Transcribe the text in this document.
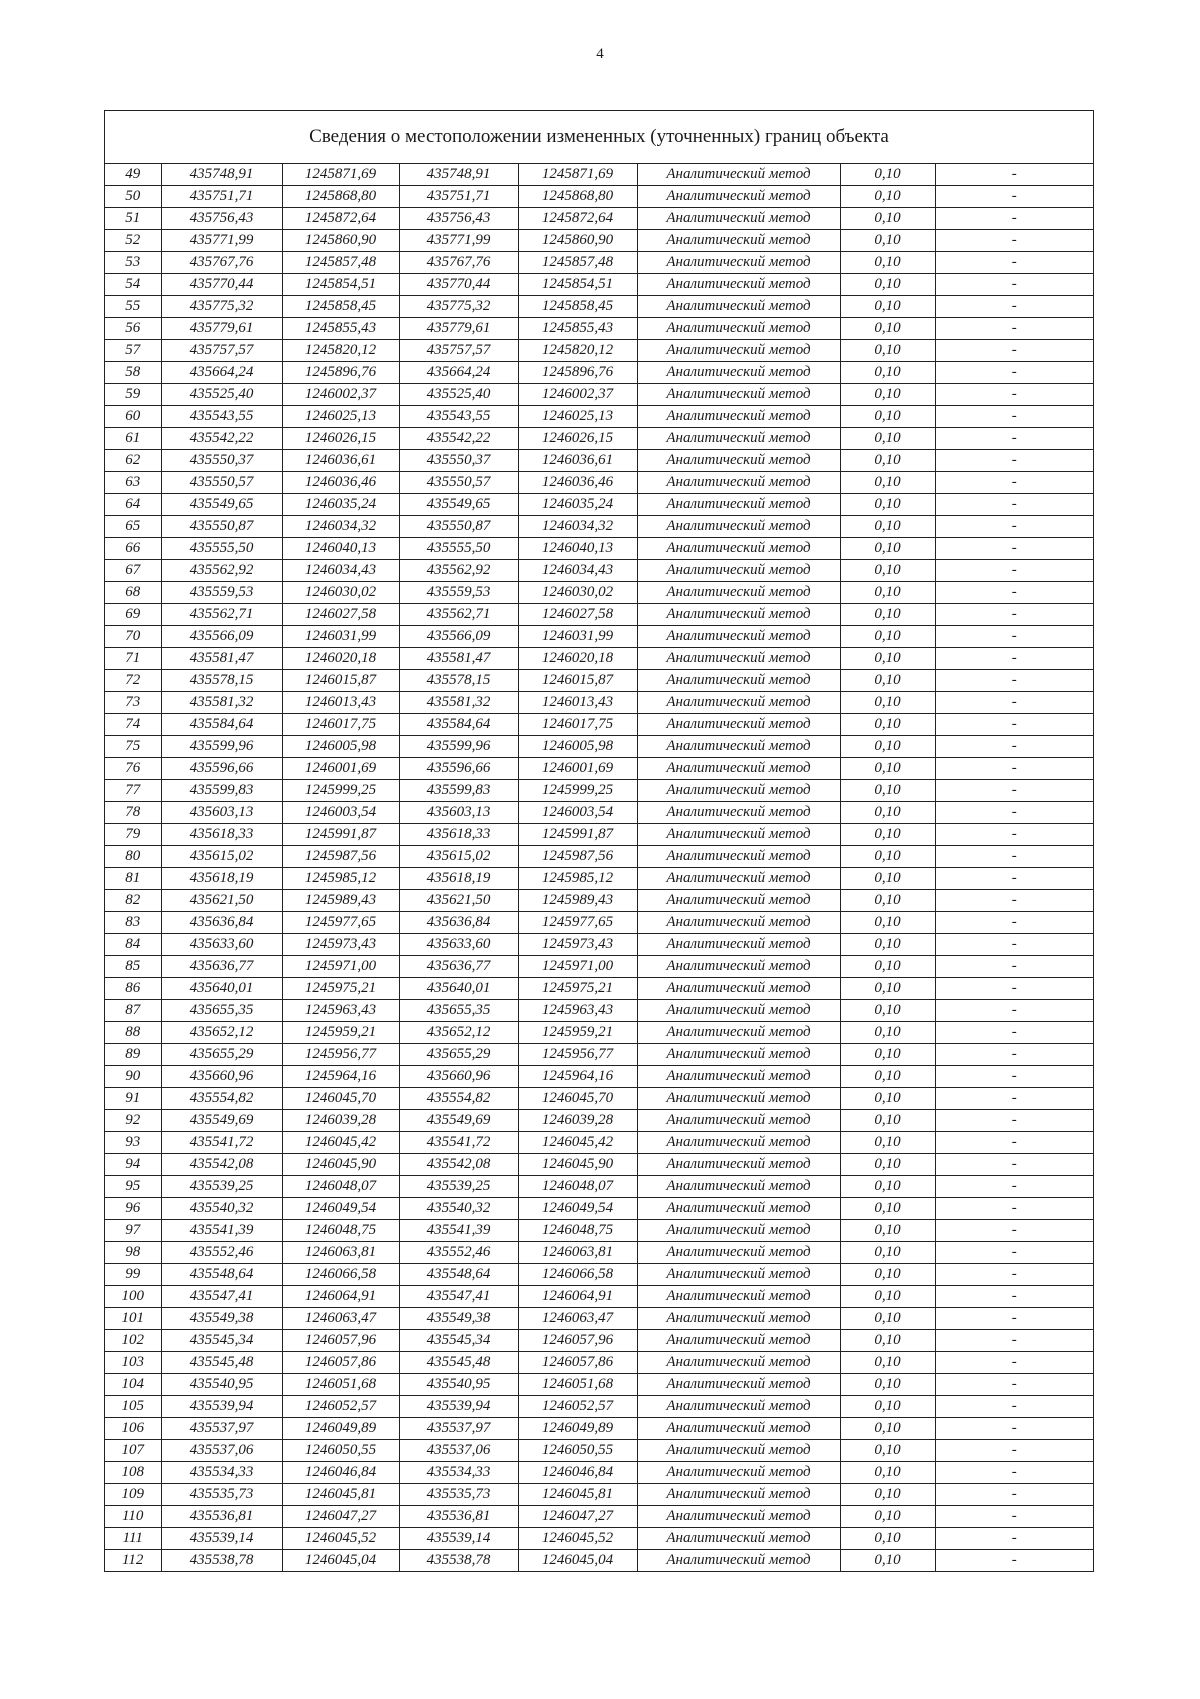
4
Сведения о местоположении измененных (уточненных) границ объекта
49	435748,91	1245871,69	435748,91	1245871,69	Аналитический метод	0,10	-
50	435751,71	1245868,80	435751,71	1245868,80	Аналитический метод	0,10	-
51	435756,43	1245872,64	435756,43	1245872,64	Аналитический метод	0,10	-
52	435771,99	1245860,90	435771,99	1245860,90	Аналитический метод	0,10	-
53	435767,76	1245857,48	435767,76	1245857,48	Аналитический метод	0,10	-
54	435770,44	1245854,51	435770,44	1245854,51	Аналитический метод	0,10	-
55	435775,32	1245858,45	435775,32	1245858,45	Аналитический метод	0,10	-
56	435779,61	1245855,43	435779,61	1245855,43	Аналитический метод	0,10	-
57	435757,57	1245820,12	435757,57	1245820,12	Аналитический метод	0,10	-
58	435664,24	1245896,76	435664,24	1245896,76	Аналитический метод	0,10	-
59	435525,40	1246002,37	435525,40	1246002,37	Аналитический метод	0,10	-
60	435543,55	1246025,13	435543,55	1246025,13	Аналитический метод	0,10	-
61	435542,22	1246026,15	435542,22	1246026,15	Аналитический метод	0,10	-
62	435550,37	1246036,61	435550,37	1246036,61	Аналитический метод	0,10	-
63	435550,57	1246036,46	435550,57	1246036,46	Аналитический метод	0,10	-
64	435549,65	1246035,24	435549,65	1246035,24	Аналитический метод	0,10	-
65	435550,87	1246034,32	435550,87	1246034,32	Аналитический метод	0,10	-
66	435555,50	1246040,13	435555,50	1246040,13	Аналитический метод	0,10	-
67	435562,92	1246034,43	435562,92	1246034,43	Аналитический метод	0,10	-
68	435559,53	1246030,02	435559,53	1246030,02	Аналитический метод	0,10	-
69	435562,71	1246027,58	435562,71	1246027,58	Аналитический метод	0,10	-
70	435566,09	1246031,99	435566,09	1246031,99	Аналитический метод	0,10	-
71	435581,47	1246020,18	435581,47	1246020,18	Аналитический метод	0,10	-
72	435578,15	1246015,87	435578,15	1246015,87	Аналитический метод	0,10	-
73	435581,32	1246013,43	435581,32	1246013,43	Аналитический метод	0,10	-
74	435584,64	1246017,75	435584,64	1246017,75	Аналитический метод	0,10	-
75	435599,96	1246005,98	435599,96	1246005,98	Аналитический метод	0,10	-
76	435596,66	1246001,69	435596,66	1246001,69	Аналитический метод	0,10	-
77	435599,83	1245999,25	435599,83	1245999,25	Аналитический метод	0,10	-
78	435603,13	1246003,54	435603,13	1246003,54	Аналитический метод	0,10	-
79	435618,33	1245991,87	435618,33	1245991,87	Аналитический метод	0,10	-
80	435615,02	1245987,56	435615,02	1245987,56	Аналитический метод	0,10	-
81	435618,19	1245985,12	435618,19	1245985,12	Аналитический метод	0,10	-
82	435621,50	1245989,43	435621,50	1245989,43	Аналитический метод	0,10	-
83	435636,84	1245977,65	435636,84	1245977,65	Аналитический метод	0,10	-
84	435633,60	1245973,43	435633,60	1245973,43	Аналитический метод	0,10	-
85	435636,77	1245971,00	435636,77	1245971,00	Аналитический метод	0,10	-
86	435640,01	1245975,21	435640,01	1245975,21	Аналитический метод	0,10	-
87	435655,35	1245963,43	435655,35	1245963,43	Аналитический метод	0,10	-
88	435652,12	1245959,21	435652,12	1245959,21	Аналитический метод	0,10	-
89	435655,29	1245956,77	435655,29	1245956,77	Аналитический метод	0,10	-
90	435660,96	1245964,16	435660,96	1245964,16	Аналитический метод	0,10	-
91	435554,82	1246045,70	435554,82	1246045,70	Аналитический метод	0,10	-
92	435549,69	1246039,28	435549,69	1246039,28	Аналитический метод	0,10	-
93	435541,72	1246045,42	435541,72	1246045,42	Аналитический метод	0,10	-
94	435542,08	1246045,90	435542,08	1246045,90	Аналитический метод	0,10	-
95	435539,25	1246048,07	435539,25	1246048,07	Аналитический метод	0,10	-
96	435540,32	1246049,54	435540,32	1246049,54	Аналитический метод	0,10	-
97	435541,39	1246048,75	435541,39	1246048,75	Аналитический метод	0,10	-
98	435552,46	1246063,81	435552,46	1246063,81	Аналитический метод	0,10	-
99	435548,64	1246066,58	435548,64	1246066,58	Аналитический метод	0,10	-
100	435547,41	1246064,91	435547,41	1246064,91	Аналитический метод	0,10	-
101	435549,38	1246063,47	435549,38	1246063,47	Аналитический метод	0,10	-
102	435545,34	1246057,96	435545,34	1246057,96	Аналитический метод	0,10	-
103	435545,48	1246057,86	435545,48	1246057,86	Аналитический метод	0,10	-
104	435540,95	1246051,68	435540,95	1246051,68	Аналитический метод	0,10	-
105	435539,94	1246052,57	435539,94	1246052,57	Аналитический метод	0,10	-
106	435537,97	1246049,89	435537,97	1246049,89	Аналитический метод	0,10	-
107	435537,06	1246050,55	435537,06	1246050,55	Аналитический метод	0,10	-
108	435534,33	1246046,84	435534,33	1246046,84	Аналитический метод	0,10	-
109	435535,73	1246045,81	435535,73	1246045,81	Аналитический метод	0,10	-
110	435536,81	1246047,27	435536,81	1246047,27	Аналитический метод	0,10	-
111	435539,14	1246045,52	435539,14	1246045,52	Аналитический метод	0,10	-
112	435538,78	1246045,04	435538,78	1246045,04	Аналитический метод	0,10	-
